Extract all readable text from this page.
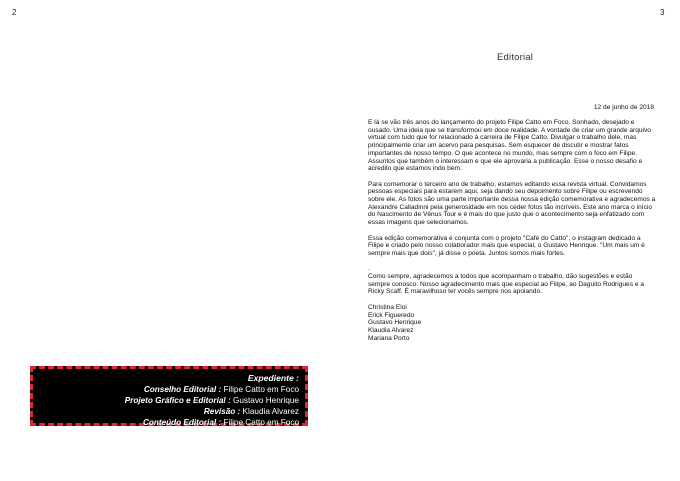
2	3
Expediente :
Conselho Editorial : Filipe Catto em Foco
Projeto Gráfico e Editorial : Gustavo Henrique
Revisão : Klaudia Alvarez
Conteúdo Editorial : Filipe Catto em Foco
Editorial
12 de junho de 2018

E lá se vão três anos do lançamento do projeto Filipe Catto em Foco. Sonhado, desejado e ousado. Uma ideia que se transformou em doce realidade. A vontade de criar um grande arquivo virtual com tudo que for relacionado à carreira de Filipe Catto. Divulgar o trabalho dele, mas principalmente criar um acervo para pesquisas. Sem esquecer de discutir e mostrar fatos importantes de nosso tempo. O que acontece no mundo, mas sempre com o foco em Filipe. Assuntos que também o interessam e que ele aprovaria a publicação. Esse o nosso desafio e acredito que estamos indo bem.

Para comemorar o terceiro ano de trabalho, estamos editando essa revista virtual. Convidamos pessoas especiais para estarem aqui, seja dando seu depoimento sobre Filipe ou escrevendo sobre ele. As fotos são uma parte importante dessa nossa edição comemorativa e agradecemos a Alexandre Calladinni pela generosidade em nos ceder fotos tão incríveis. Este ano marca o início do Nascimento de Vênus Tour e é mais do que justo que o acontecimento seja enfatizado com essas imagens que selecionamos.

Essa edição comemorativa é conjunta com o projeto "Café do Catto", o instagram dedicado a Filipe e criado pelo nosso colaborador mais que especial, o Gustavo Henrique. "Um mais um é sempre mais que dois", já disse o poeta. Juntos somos mais fortes.

.

Como sempre, agradecemos a todos que acompanham o trabalho, dão sugestões e estão sempre conosco. Nosso agradecimento mais que especial ao Filipe, ao Daguito Rodrigues e a Ricky Scaff. É maravilhoso ter vocês sempre nos apoiando.

Christina Eloi
Erick Figueredo
Gustavo Henrique
Klaudia Alvarez
Mariana Porto
